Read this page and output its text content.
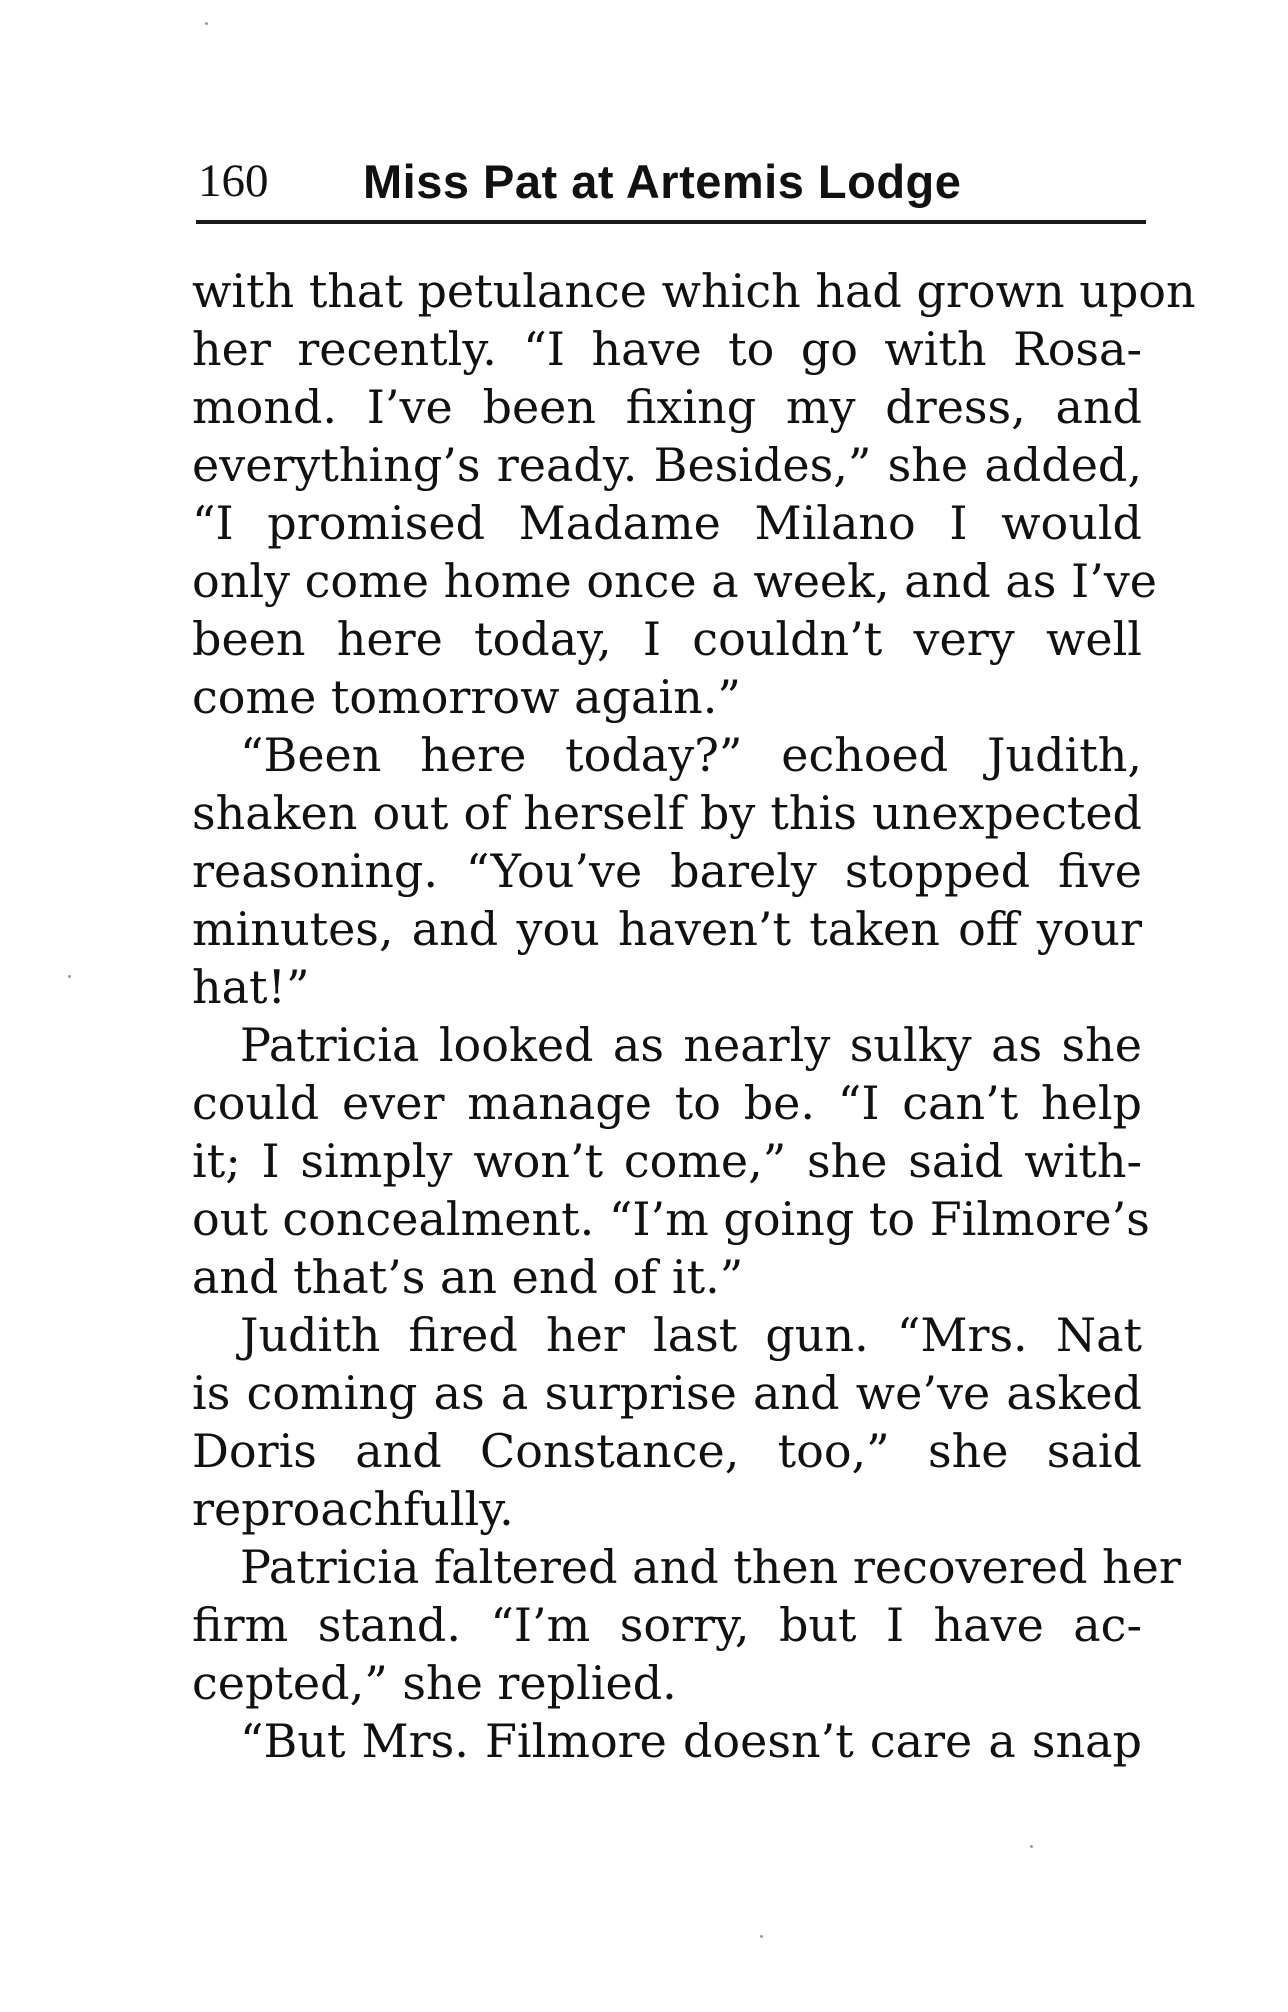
160 Miss Pat at Artemis Lodge
with that petulance which had grown upon
her recently. “I have to go with Rosa-
mond. I’ve been fixing my dress, and
everything’s ready. Besides,” she added,
“I promised Madame Milano I would
only come home once a week, and as I’ve
been here today, I couldn’t very well
come tomorrow again.”
“Been here today?” echoed Judith,
shaken out of herself by this unexpected
reasoning. “You’ve barely stopped five
minutes, and you haven’t taken off your
hat!”
Patricia looked as nearly sulky as she
could ever manage to be. “I can’t help
it; I simply won’t come,” she said with-
out concealment. “I’m going to Filmore’s
and that’s an end of it.”
Judith fired her last gun. “Mrs. Nat
is coming as a surprise and we’ve asked
Doris and Constance, too,” she said
reproachfully.
Patricia faltered and then recovered her
firm stand. “I’m sorry, but I have ac-
cepted,” she replied.
“But Mrs. Filmore doesn’t care a snap
